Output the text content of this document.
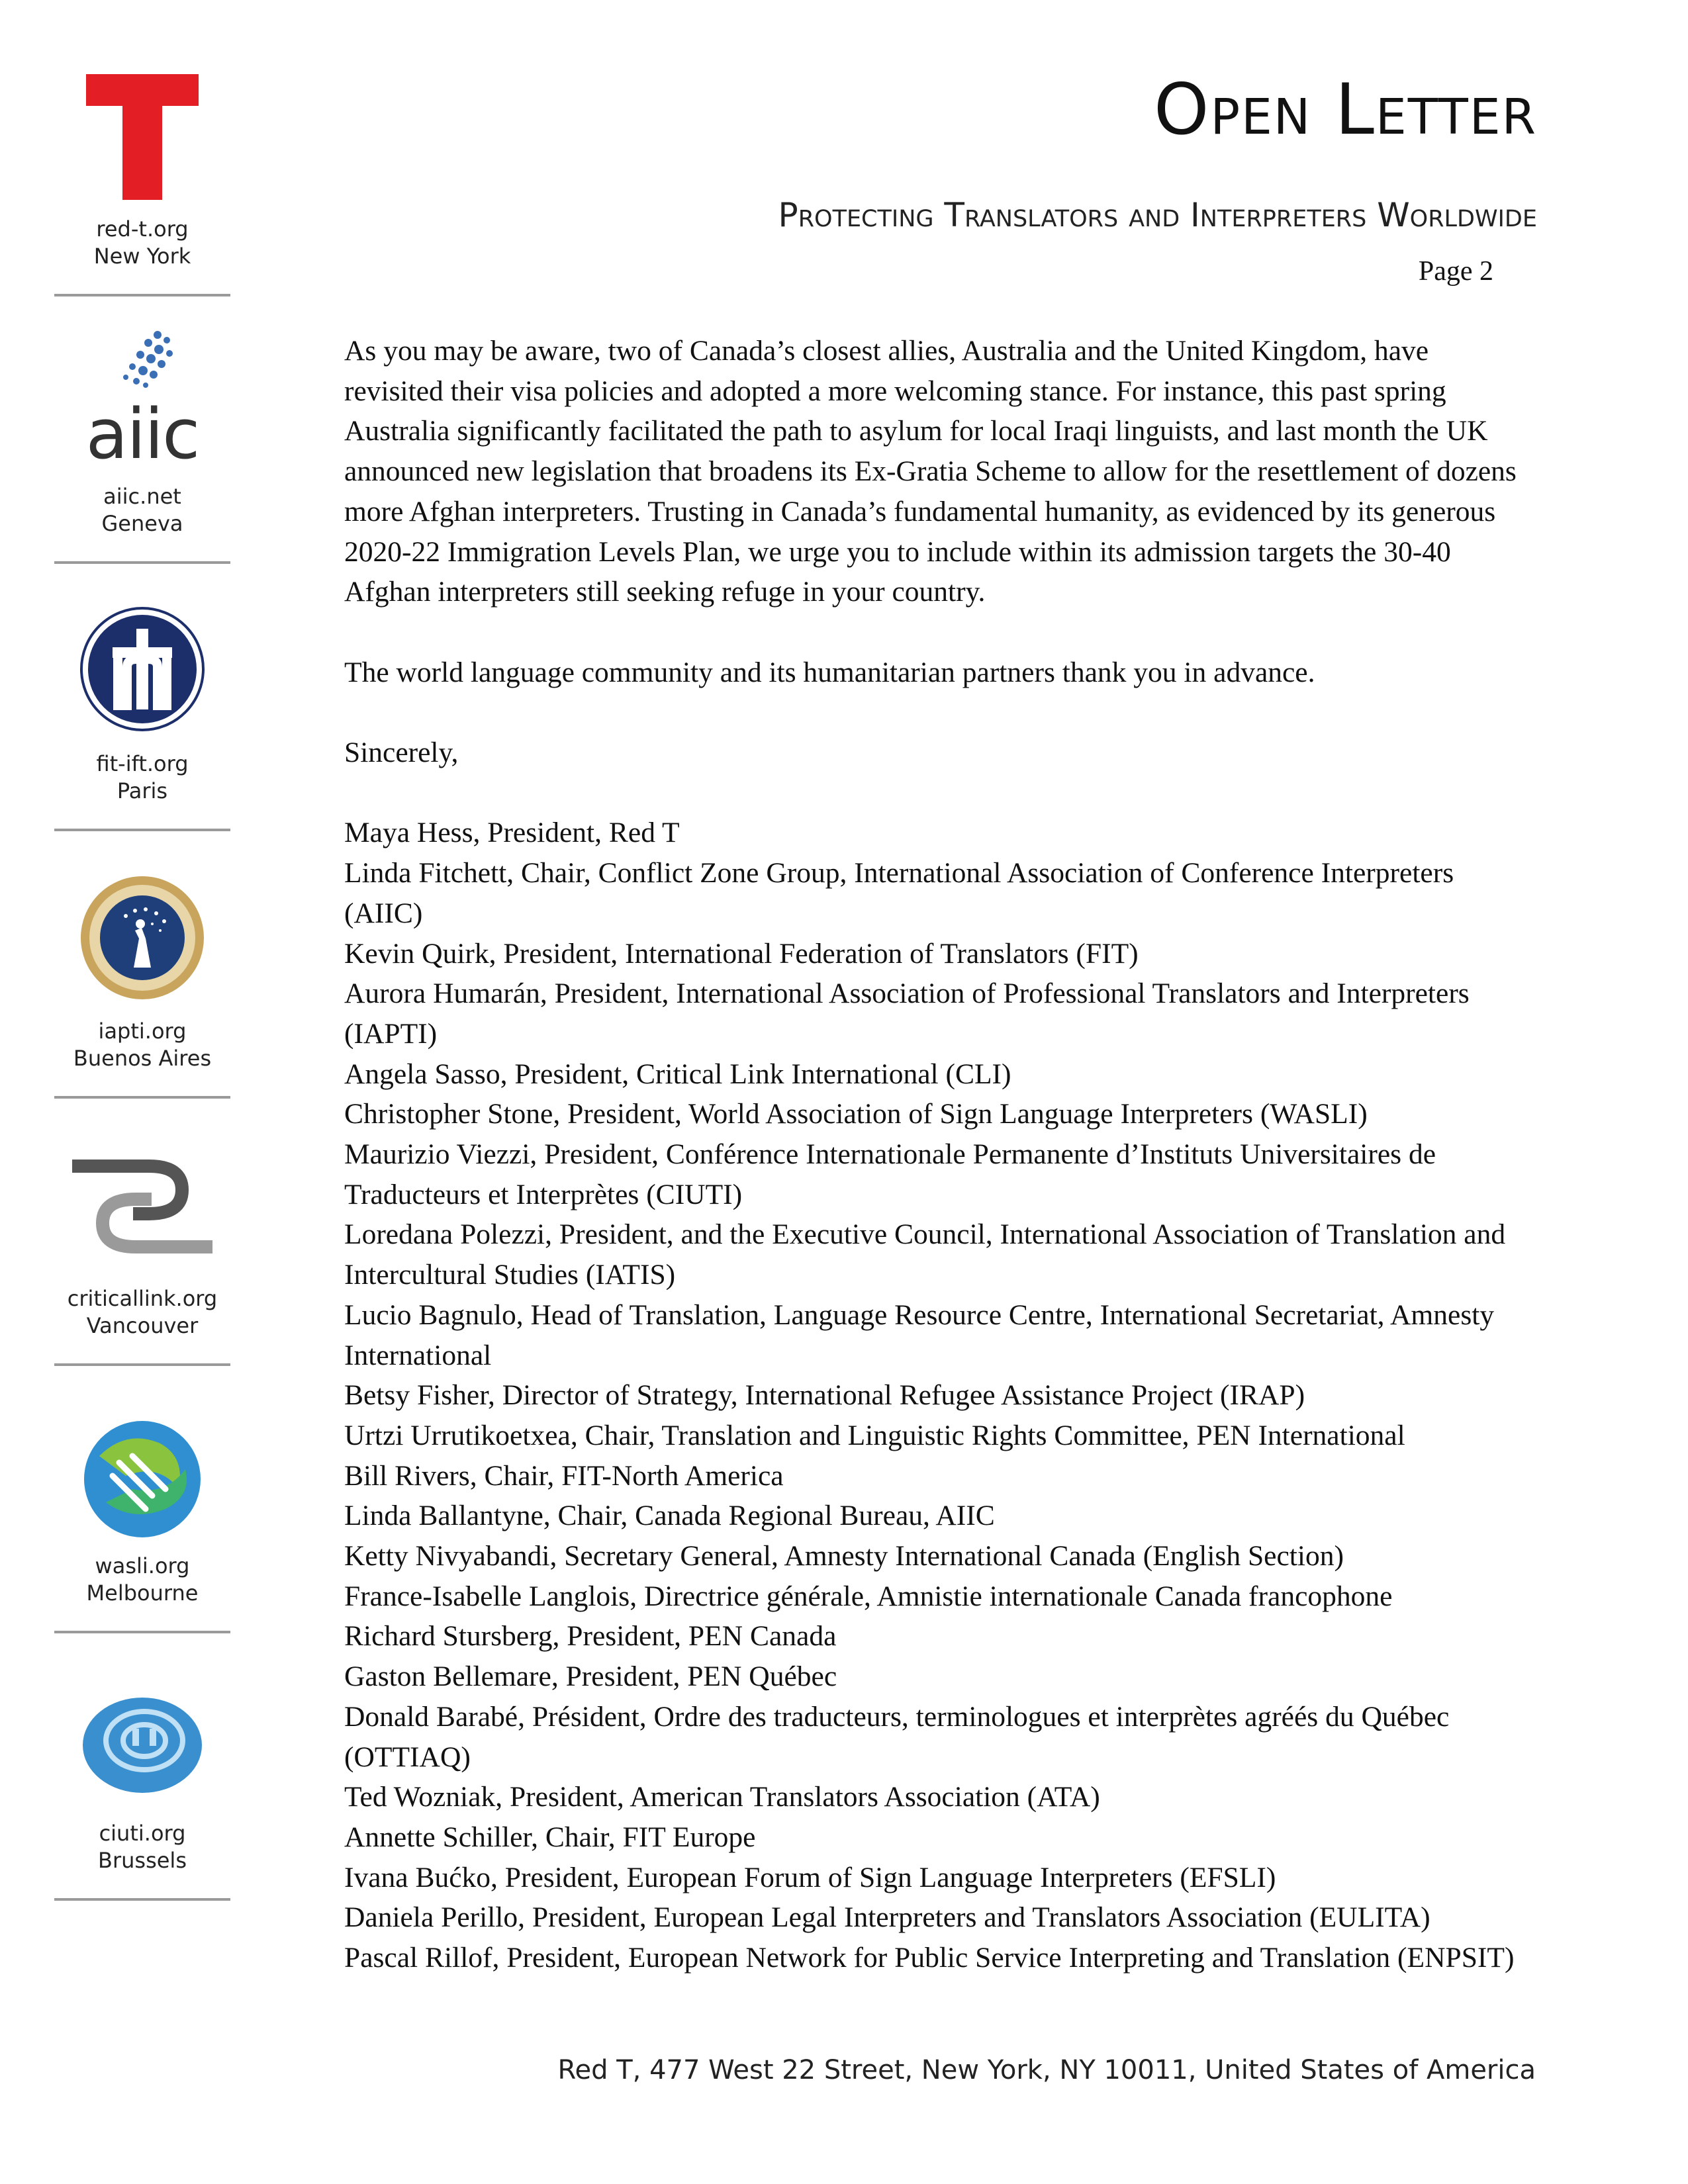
red-t.org
New York
aiic
aiic.net
Geneva
fit-ift.org
Paris
iapti.org
Buenos Aires
criticallink.org
Vancouver
wasli.org
Melbourne
ciuti.org
Brussels
Open Letter
Protecting Translators and Interpreters Worldwide
Page 2

As you may be aware, two of Canada’s closest allies, Australia and the United Kingdom, have revisited their visa policies and adopted a more welcoming stance. For instance, this past spring Australia significantly facilitated the path to asylum for local Iraqi linguists, and last month the UK announced new legislation that broadens its Ex-Gratia Scheme to allow for the resettlement of dozens more Afghan interpreters. Trusting in Canada’s fundamental humanity, as evidenced by its generous 2020-22 Immigration Levels Plan, we urge you to include within its admission targets the 30-40 Afghan interpreters still seeking refuge in your country.

The world language community and its humanitarian partners thank you in advance.

Sincerely,

Maya Hess, President, Red T
Linda Fitchett, Chair, Conflict Zone Group, International Association of Conference Interpreters (AIIC)
Kevin Quirk, President, International Federation of Translators (FIT)
Aurora Humarán, President, International Association of Professional Translators and Interpreters (IAPTI)
Angela Sasso, President, Critical Link International (CLI)
Christopher Stone, President, World Association of Sign Language Interpreters (WASLI)
Maurizio Viezzi, President, Conférence Internationale Permanente d’Instituts Universitaires de Traducteurs et Interprètes (CIUTI)
Loredana Polezzi, President, and the Executive Council, International Association of Translation and Intercultural Studies (IATIS)
Lucio Bagnulo, Head of Translation, Language Resource Centre, International Secretariat, Amnesty International
Betsy Fisher, Director of Strategy, International Refugee Assistance Project (IRAP)
Urtzi Urrutikoetxea, Chair, Translation and Linguistic Rights Committee, PEN International
Bill Rivers, Chair, FIT-North America
Linda Ballantyne, Chair, Canada Regional Bureau, AIIC
Ketty Nivyabandi, Secretary General, Amnesty International Canada (English Section)
France-Isabelle Langlois, Directrice générale, Amnistie internationale Canada francophone
Richard Stursberg, President, PEN Canada
Gaston Bellemare, President, PEN Québec
Donald Barabé, Président, Ordre des traducteurs, terminologues et interprètes agréés du Québec (OTTIAQ)
Ted Wozniak, President, American Translators Association (ATA)
Annette Schiller, Chair, FIT Europe
Ivana Bućko, President, European Forum of Sign Language Interpreters (EFSLI)
Daniela Perillo, President, European Legal Interpreters and Translators Association (EULITA)
Pascal Rillof, President, European Network for Public Service Interpreting and Translation (ENPSIT)
Red T, 477 West 22 Street, New York, NY 10011, United States of America
